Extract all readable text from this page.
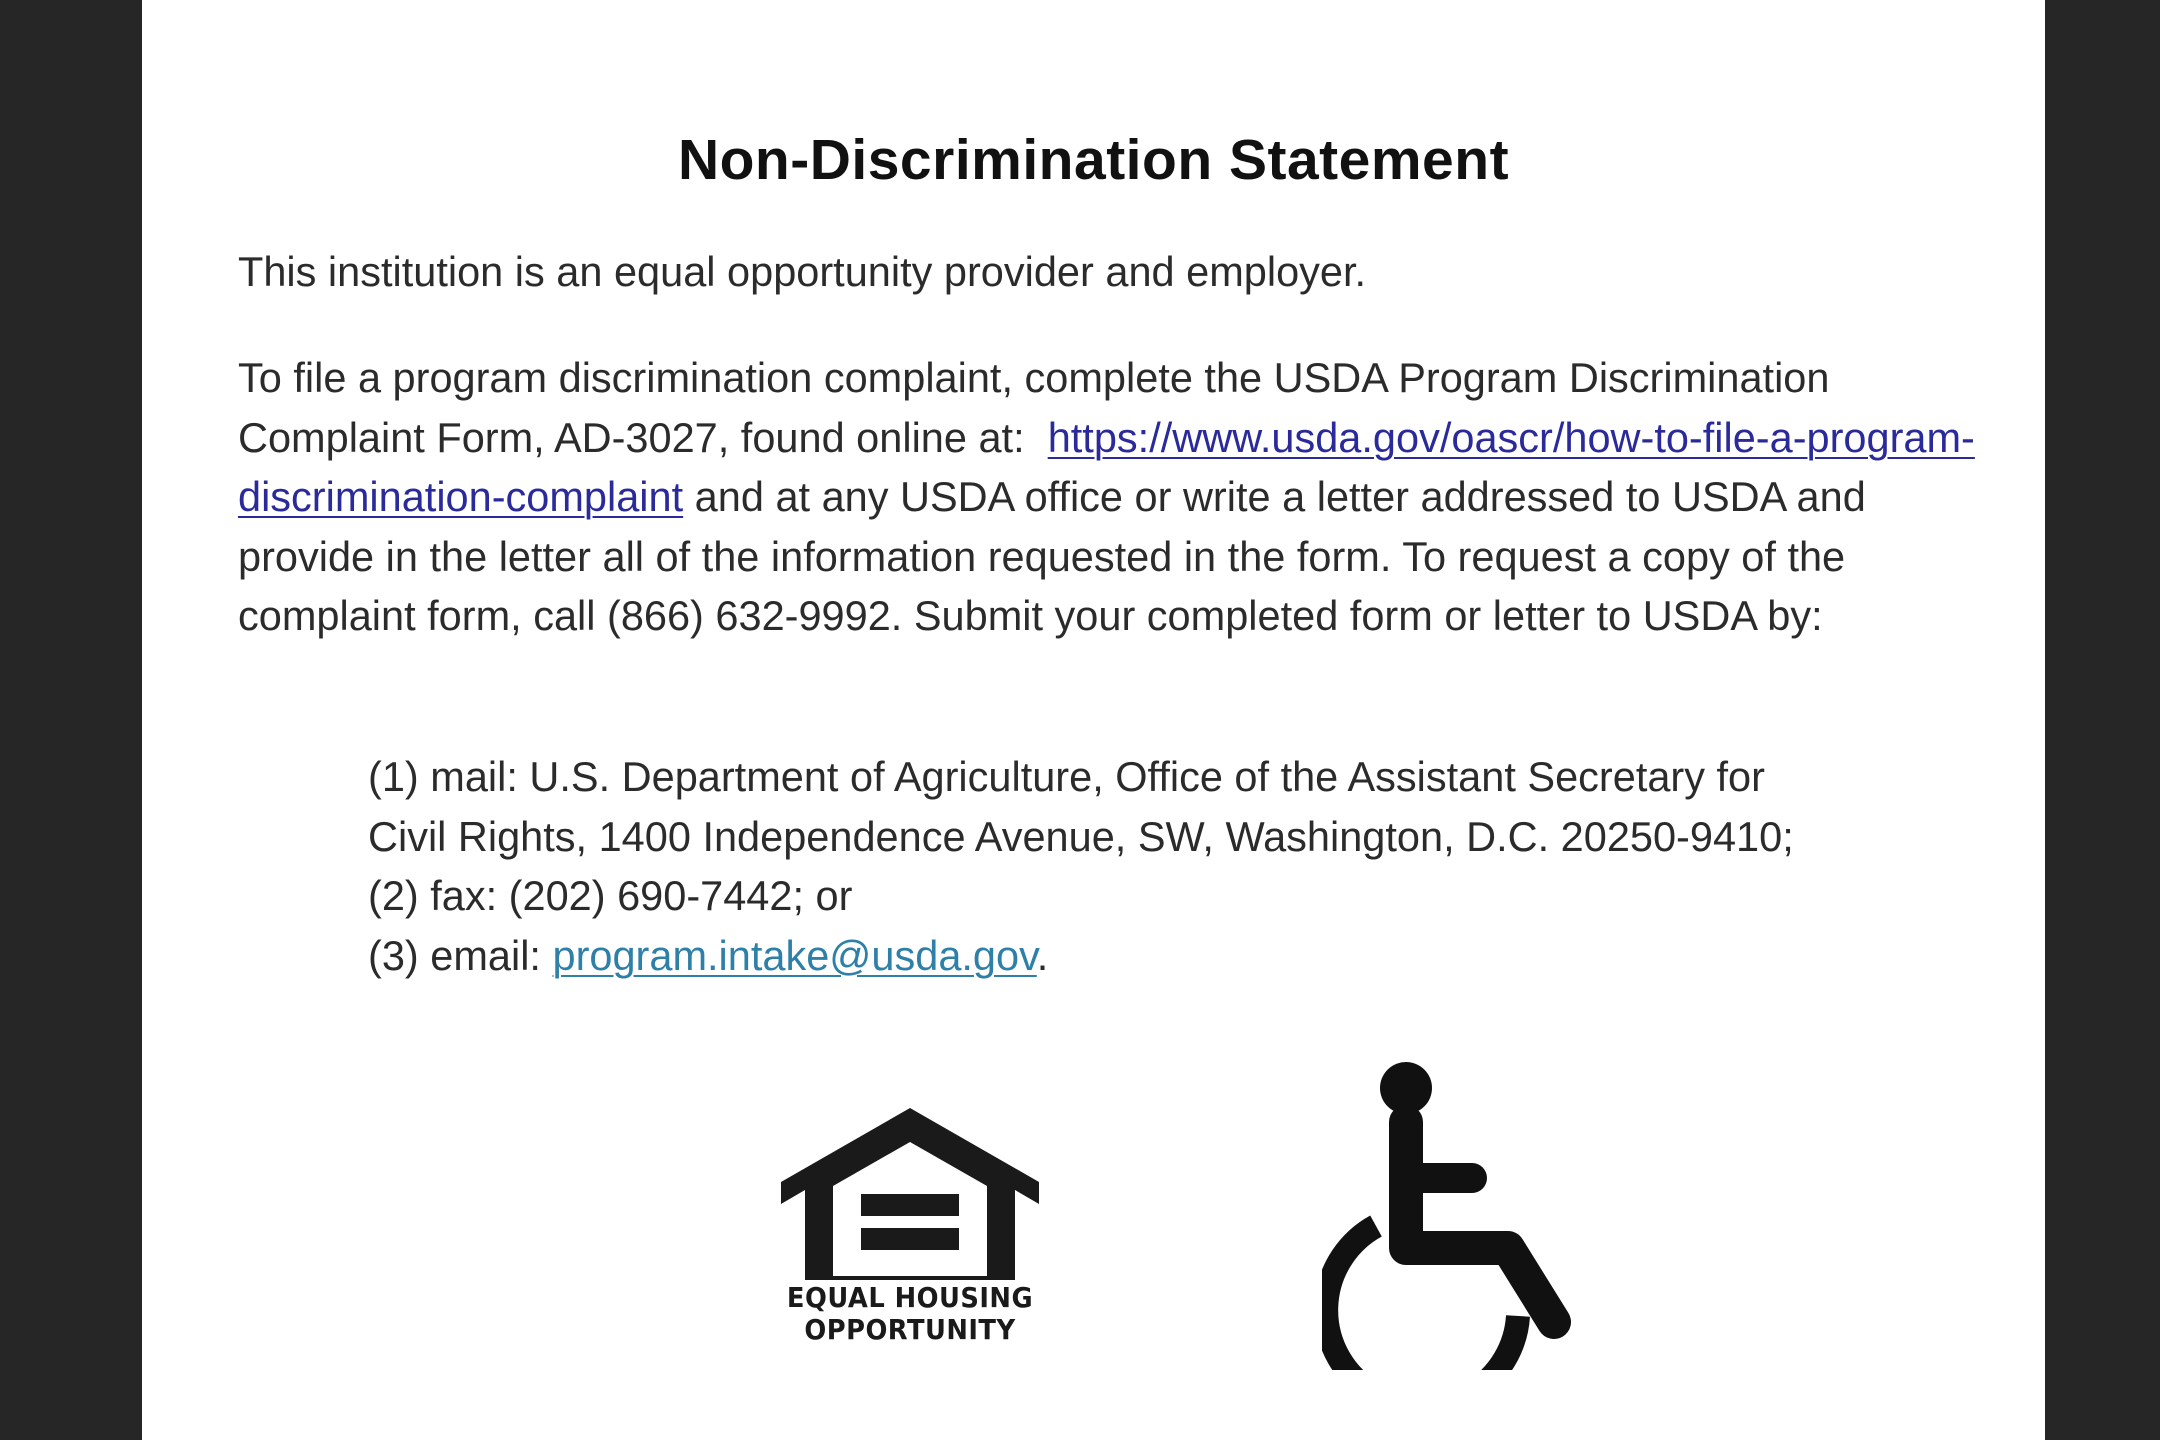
Non-Discrimination Statement

This institution is an equal opportunity provider and employer.

To file a program discrimination complaint, complete the USDA Program Discrimination Complaint Form, AD-3027, found online at: https://www.usda.gov/oascr/how-to-file-a-program-discrimination-complaint and at any USDA office or write a letter addressed to USDA and provide in the letter all of the information requested in the form. To request a copy of the complaint form, call (866) 632-9992. Submit your completed form or letter to USDA by:

(1) mail: U.S. Department of Agriculture, Office of the Assistant Secretary for
Civil Rights, 1400 Independence Avenue, SW, Washington, D.C. 20250-9410;
(2) fax: (202) 690-7442; or
(3) email: program.intake@usda.gov.
EQUAL HOUSING
OPPORTUNITY
